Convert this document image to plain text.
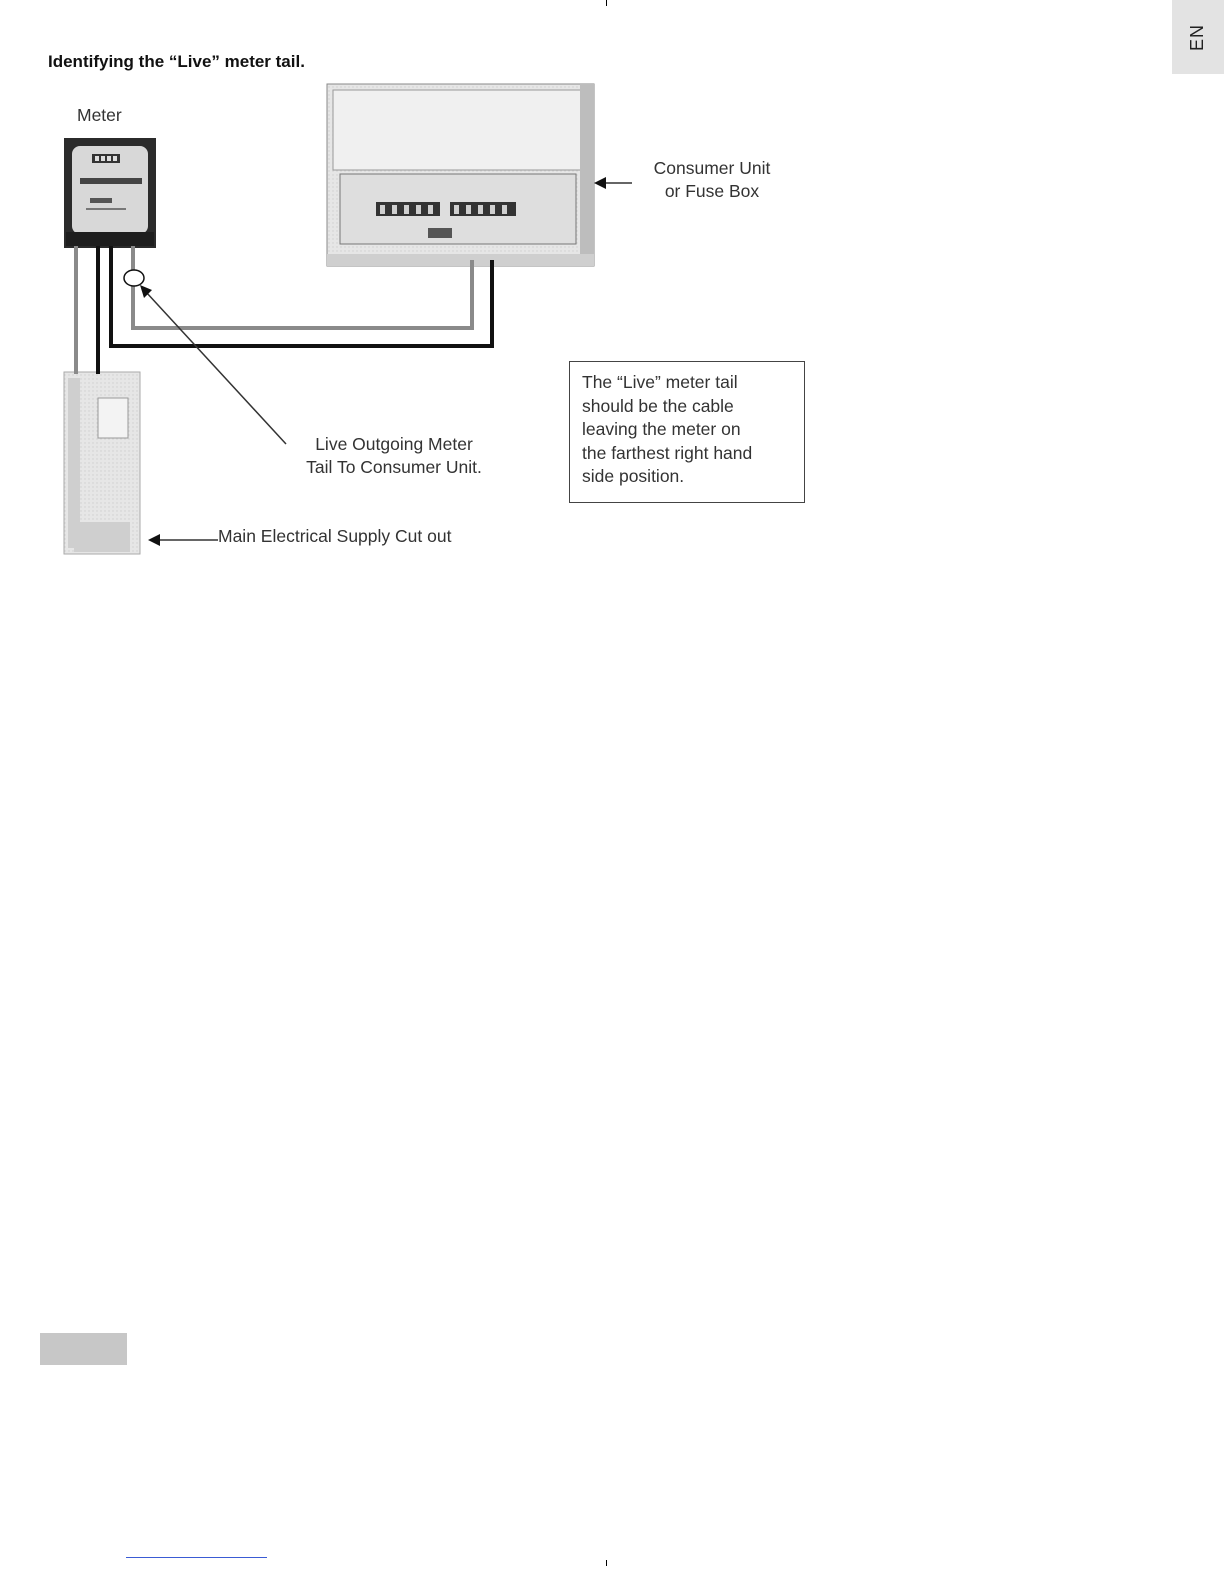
EN
Identifying the “Live” meter tail.
Meter
Consumer Unit
or Fuse Box
Live Outgoing Meter
Tail To Consumer Unit.
Main Electrical Supply Cut out

The “Live” meter tail

should be the cable

leaving the meter on

the farthest right hand

side position.
